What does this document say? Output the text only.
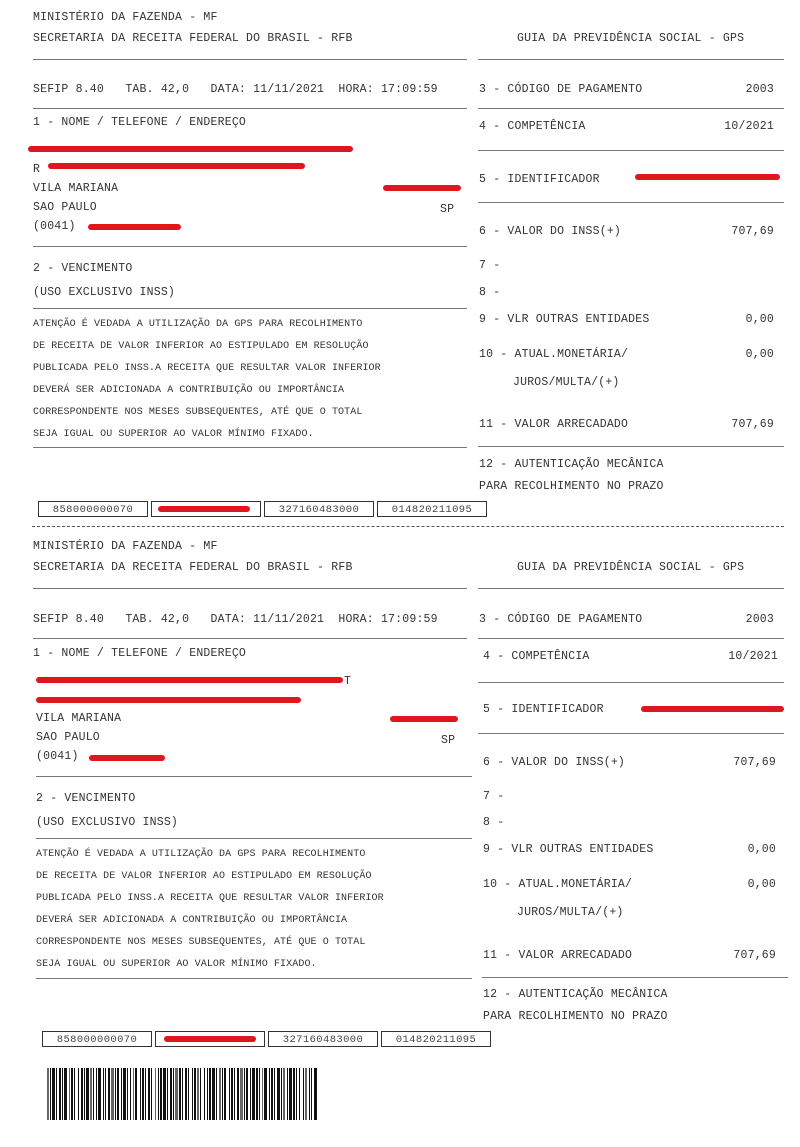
MINISTÉRIO DA FAZENDA - MF
SECRETARIA DA RECEITA FEDERAL DO BRASIL - RFB	GUIA DA PREVIDÊNCIA SOCIAL - GPS
SEFIP 8.40   TAB. 42,0   DATA: 11/11/2021  HORA: 17:09:59	3 - CÓDIGO DE PAGAMENTO	2003
1 - NOME / TELEFONE / ENDEREÇO	4 - COMPETÊNCIA	10/2021
R
VILA MARIANA
5 - IDENTIFICADOR
SAO PAULO	SP
(0041)	6 - VALOR DO INSS(+)	707,69
2 - VENCIMENTO	7 -
(USO EXCLUSIVO INSS)	8 -
ATENÇÃO É VEDADA A UTILIZAÇÃO DA GPS PARA RECOLHIMENTO
DE RECEITA DE VALOR INFERIOR AO ESTIPULADO EM RESOLUÇÃO
PUBLICADA PELO INSS.A RECEITA QUE RESULTAR VALOR INFERIOR
DEVERÁ SER ADICIONADA A CONTRIBUIÇÃO OU IMPORTÂNCIA
CORRESPONDENTE NOS MESES SUBSEQUENTES, ATÉ QUE O TOTAL
SEJA IGUAL OU SUPERIOR AO VALOR MÍNIMO FIXADO.
9 - VLR OUTRAS ENTIDADES	0,00
10 - ATUAL.MONETÁRIA/	0,00
JUROS/MULTA/(+)
11 - VALOR ARRECADADO	707,69
12 - AUTENTICAÇÃO MECÂNICA
PARA RECOLHIMENTO NO PRAZO
858000000070	327160483000	014820211095
MINISTÉRIO DA FAZENDA - MF
SECRETARIA DA RECEITA FEDERAL DO BRASIL - RFB	GUIA DA PREVIDÊNCIA SOCIAL - GPS
SEFIP 8.40   TAB. 42,0   DATA: 11/11/2021  HORA: 17:09:59	3 - CÓDIGO DE PAGAMENTO	2003
1 - NOME / TELEFONE / ENDEREÇO	4 - COMPETÊNCIA	10/2021
T
VILA MARIANA
5 - IDENTIFICADOR
SAO PAULO	SP
(0041)	6 - VALOR DO INSS(+)	707,69
2 - VENCIMENTO	7 -
(USO EXCLUSIVO INSS)	8 -
ATENÇÃO É VEDADA A UTILIZAÇÃO DA GPS PARA RECOLHIMENTO
DE RECEITA DE VALOR INFERIOR AO ESTIPULADO EM RESOLUÇÃO
PUBLICADA PELO INSS.A RECEITA QUE RESULTAR VALOR INFERIOR
DEVERÁ SER ADICIONADA A CONTRIBUIÇÃO OU IMPORTÂNCIA
CORRESPONDENTE NOS MESES SUBSEQUENTES, ATÉ QUE O TOTAL
SEJA IGUAL OU SUPERIOR AO VALOR MÍNIMO FIXADO.
9 - VLR OUTRAS ENTIDADES	0,00
10 - ATUAL.MONETÁRIA/	0,00
JUROS/MULTA/(+)
11 - VALOR ARRECADADO	707,69
12 - AUTENTICAÇÃO MECÂNICA
PARA RECOLHIMENTO NO PRAZO
858000000070	327160483000	014820211095
